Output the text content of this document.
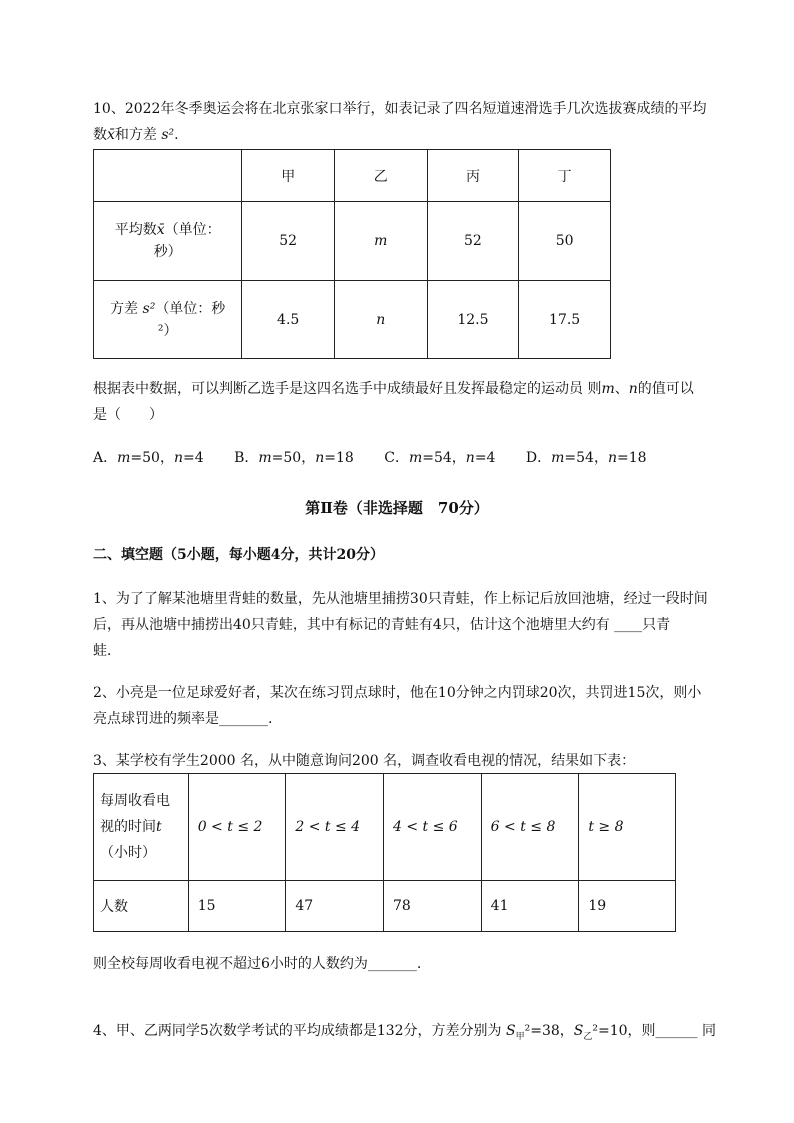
10、2022年冬季奥运会将在北京张家口举行，如表记录了四名短道速滑选手几次选拔赛成绩的平均
数x̄和方差 s².
	甲	乙	丙	丁
平均数x̄（单位：
秒）	52	m	52	50
方差 s²（单位：秒
²）	4.5	n	12.5	17.5
根据表中数据，可以判断乙选手是这四名选手中成绩最好且发挥最稳定的运动员 则m、n的值可以
是（　　）
A．m=50，n=4 B．m=50，n=18 C．m=54，n=4 D．m=54，n=18
第Ⅱ卷（非选择题　70分）
二、填空题（5小题，每小题4分，共计20分）
1、为了了解某池塘里背蛙的数量，先从池塘里捕捞30只青蛙，作上标记后放回池塘，经过一段时间
后，再从池塘中捕捞出40只青蛙，其中有标记的青蛙有4只，估计这个池塘里大约有 ____只青
蛙．
2、小亮是一位足球爱好者，某次在练习罚点球时，他在10分钟之内罚球20次，共罚进15次，则小
亮点球罚进的频率是_______.
3、某学校有学生2000 名，从中随意询问200 名，调查收看电视的情况，结果如下表：
每周收看电
视的时间t
（小时）	0 < t ≤ 2	2 < t ≤ 4	4 < t ≤ 6	6 < t ≤ 8	t ≥ 8
人数	15	47	78	41	19
则全校每周收看电视不超过6小时的人数约为_______.
4、甲、乙两同学5次数学考试的平均成绩都是132分，方差分别为 $S_甲^2=38$，$S_乙^2=10$，则______ 同
